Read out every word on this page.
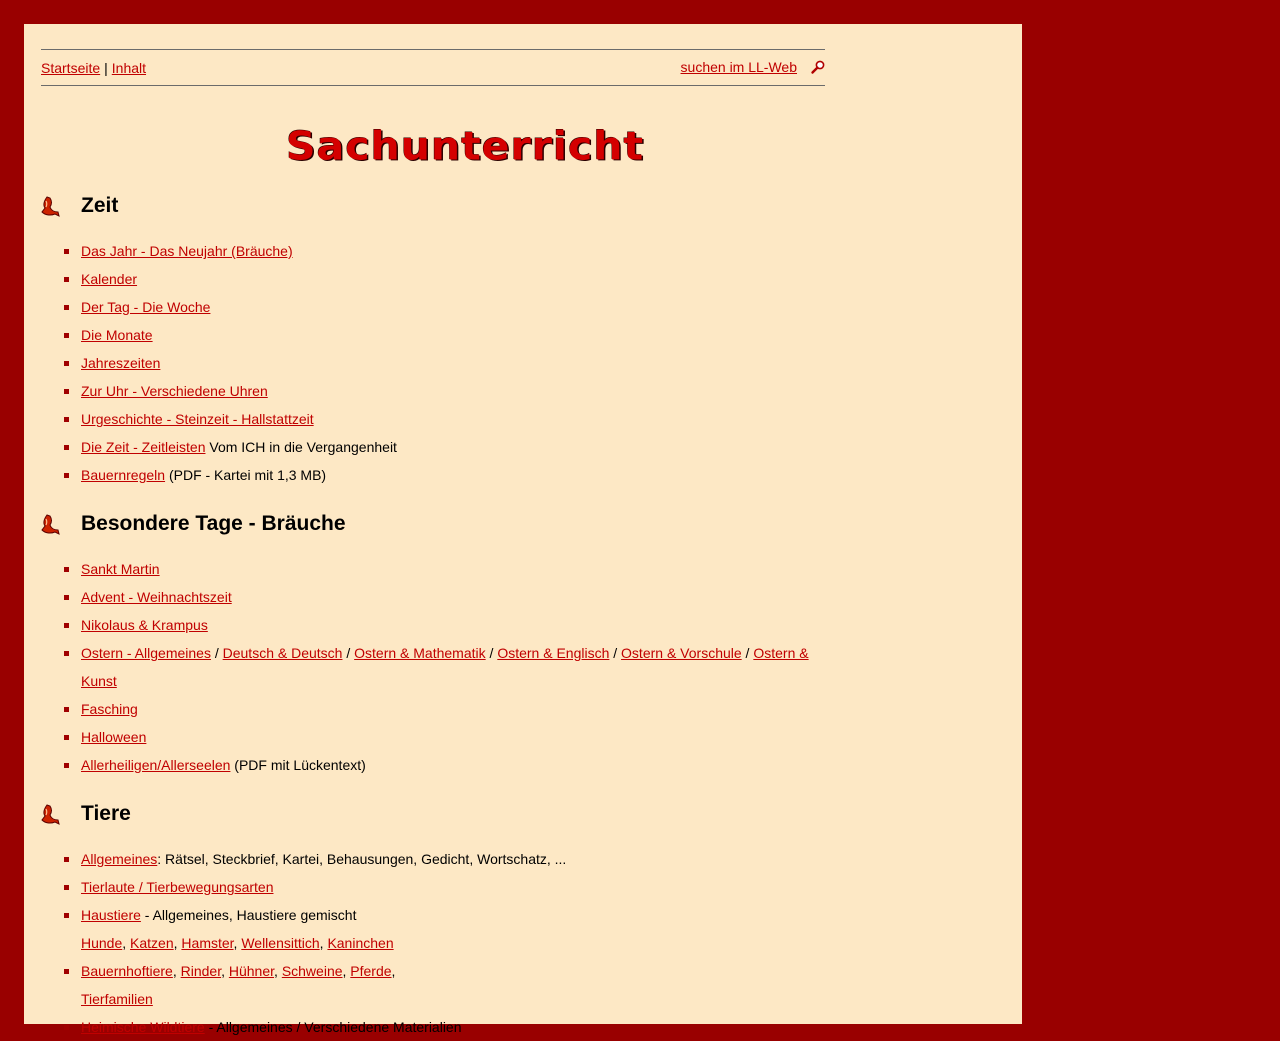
Startseite | Inhalt	suchen im LL-Web
Sachunterricht
Zeit
Das Jahr - Das Neujahr (Bräuche)
Kalender
Der Tag - Die Woche
Die Monate
Jahreszeiten
Zur Uhr - Verschiedene Uhren
Urgeschichte - Steinzeit - Hallstattzeit
Die Zeit - Zeitleisten Vom ICH in die Vergangenheit
Bauernregeln (PDF - Kartei mit 1,3 MB)
Besondere Tage - Bräuche
Sankt Martin
Advent - Weihnachtszeit
Nikolaus & Krampus
Ostern - Allgemeines / Deutsch & Deutsch / Ostern & Mathematik / Ostern & Englisch / Ostern & Vorschule / Ostern &
Kunst
Fasching
Halloween
Allerheiligen/Allerseelen (PDF mit Lückentext)
Tiere
Allgemeines: Rätsel, Steckbrief, Kartei, Behausungen, Gedicht, Wortschatz, ...
Tierlaute / Tierbewegungsarten
Haustiere - Allgemeines, Haustiere gemischt
Hunde, Katzen, Hamster, Wellensittich, Kaninchen
Bauernhoftiere, Rinder, Hühner, Schweine, Pferde,
Tierfamilien
Heimische Wildtiere - Allgemeines / Verschiedene Materialien
